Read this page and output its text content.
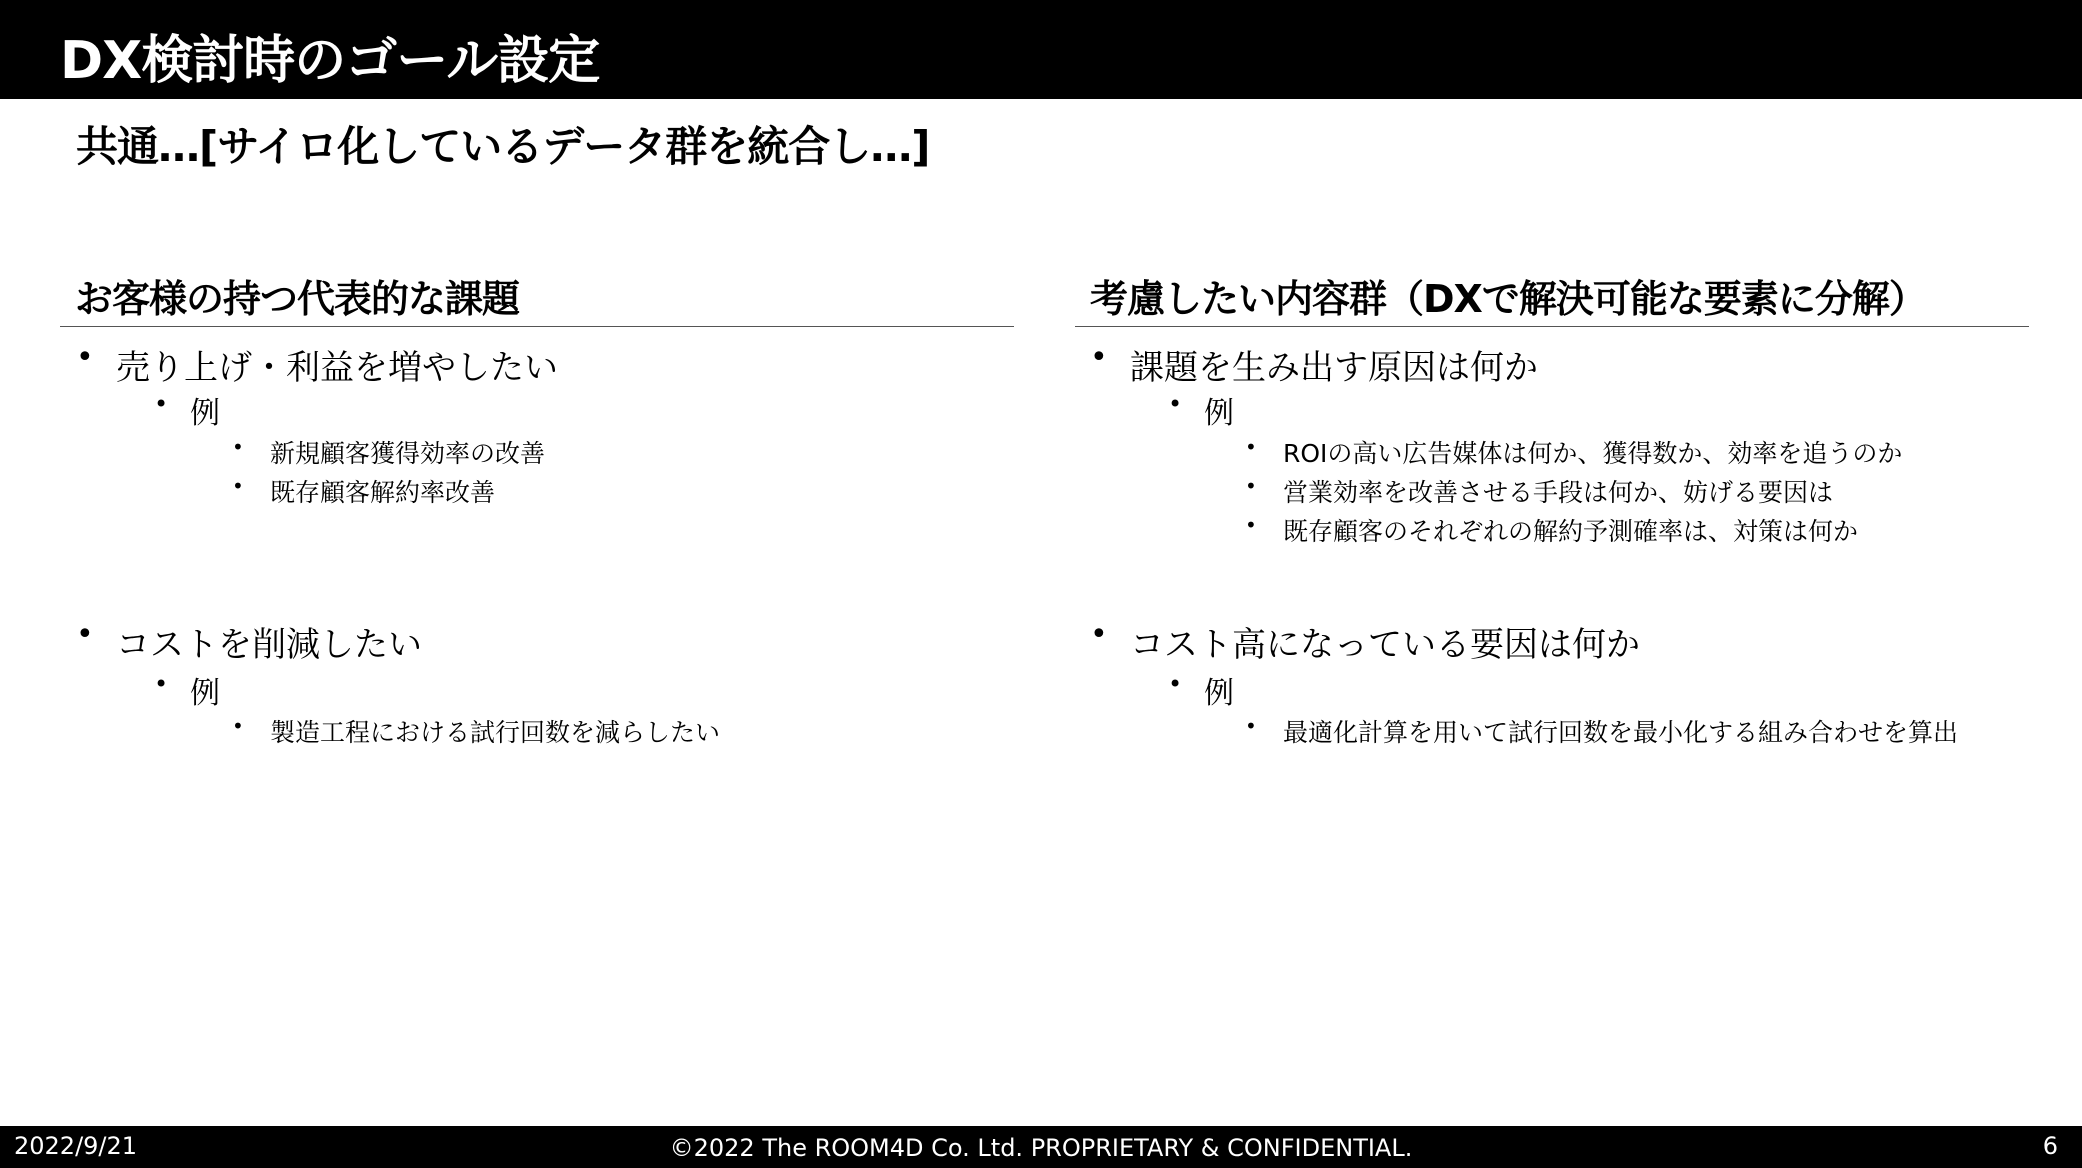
DX検討時のゴール設定
共通…[サイロ化しているデータ群を統合し…]
お客様の持つ代表的な課題
• 売り上げ・利益を増やしたい
• 例
• 新規顧客獲得効率の改善
• 既存顧客解約率改善
• コストを削減したい
• 例
• 製造工程における試行回数を減らしたい
考慮したい内容群（DXで解決可能な要素に分解）
• 課題を生み出す原因は何か
• 例
• ROIの高い広告媒体は何か、獲得数か、効率を追うのか
• 営業効率を改善させる手段は何か、妨げる要因は
• 既存顧客のそれぞれの解約予測確率は、対策は何か
• コスト高になっている要因は何か
• 例
• 最適化計算を用いて試行回数を最小化する組み合わせを算出
2022/9/21	©2022 The ROOM4D Co. Ltd. PROPRIETARY & CONFIDENTIAL.	6
